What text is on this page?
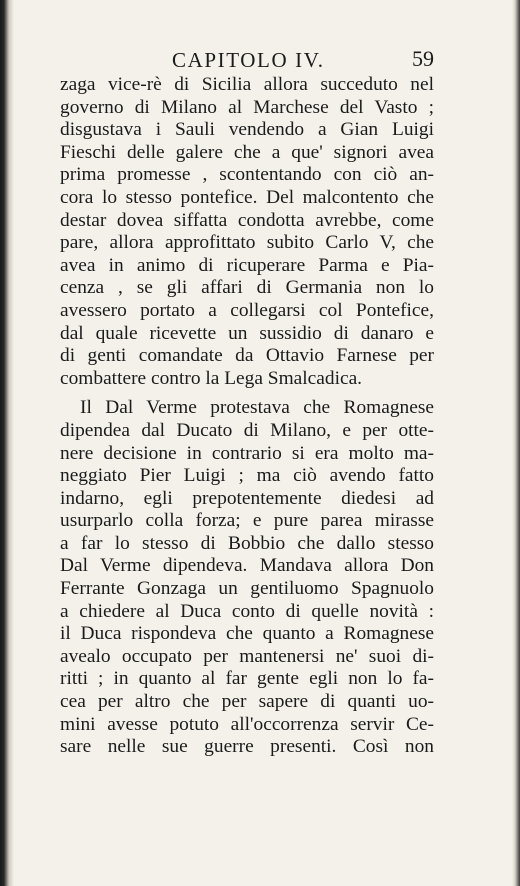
CAPITOLO IV.	59
zaga vice-rè di Sicilia allora succeduto nel
governo di Milano al Marchese del Vasto ;
disgustava i Sauli vendendo a Gian Luigi
Fieschi delle galere che a que' signori avea
prima promesse , scontentando con ciò an-
cora lo stesso pontefice. Del malcontento che
destar dovea siffatta condotta avrebbe, come
pare, allora approfittato subito Carlo V, che
avea in animo di ricuperare Parma e Pia-
cenza , se gli affari di Germania non lo
avessero portato a collegarsi col Pontefice,
dal quale ricevette un sussidio di danaro e
di genti comandate da Ottavio Farnese per
combattere contro la Lega Smalcadica.
Il Dal Verme protestava che Romagnese
dipendea dal Ducato di Milano, e per otte-
nere decisione in contrario si era molto ma-
neggiato Pier Luigi ; ma ciò avendo fatto
indarno, egli prepotentemente diedesi ad
usurparlo colla forza; e pure parea mirasse
a far lo stesso di Bobbio che dallo stesso
Dal Verme dipendeva. Mandava allora Don
Ferrante Gonzaga un gentiluomo Spagnuolo
a chiedere al Duca conto di quelle novità :
il Duca rispondeva che quanto a Romagnese
avealo occupato per mantenersi ne' suoi di-
ritti ; in quanto al far gente egli non lo fa-
cea per altro che per sapere di quanti uo-
mini avesse potuto all'occorrenza servir Ce-
sare nelle sue guerre presenti. Così non
